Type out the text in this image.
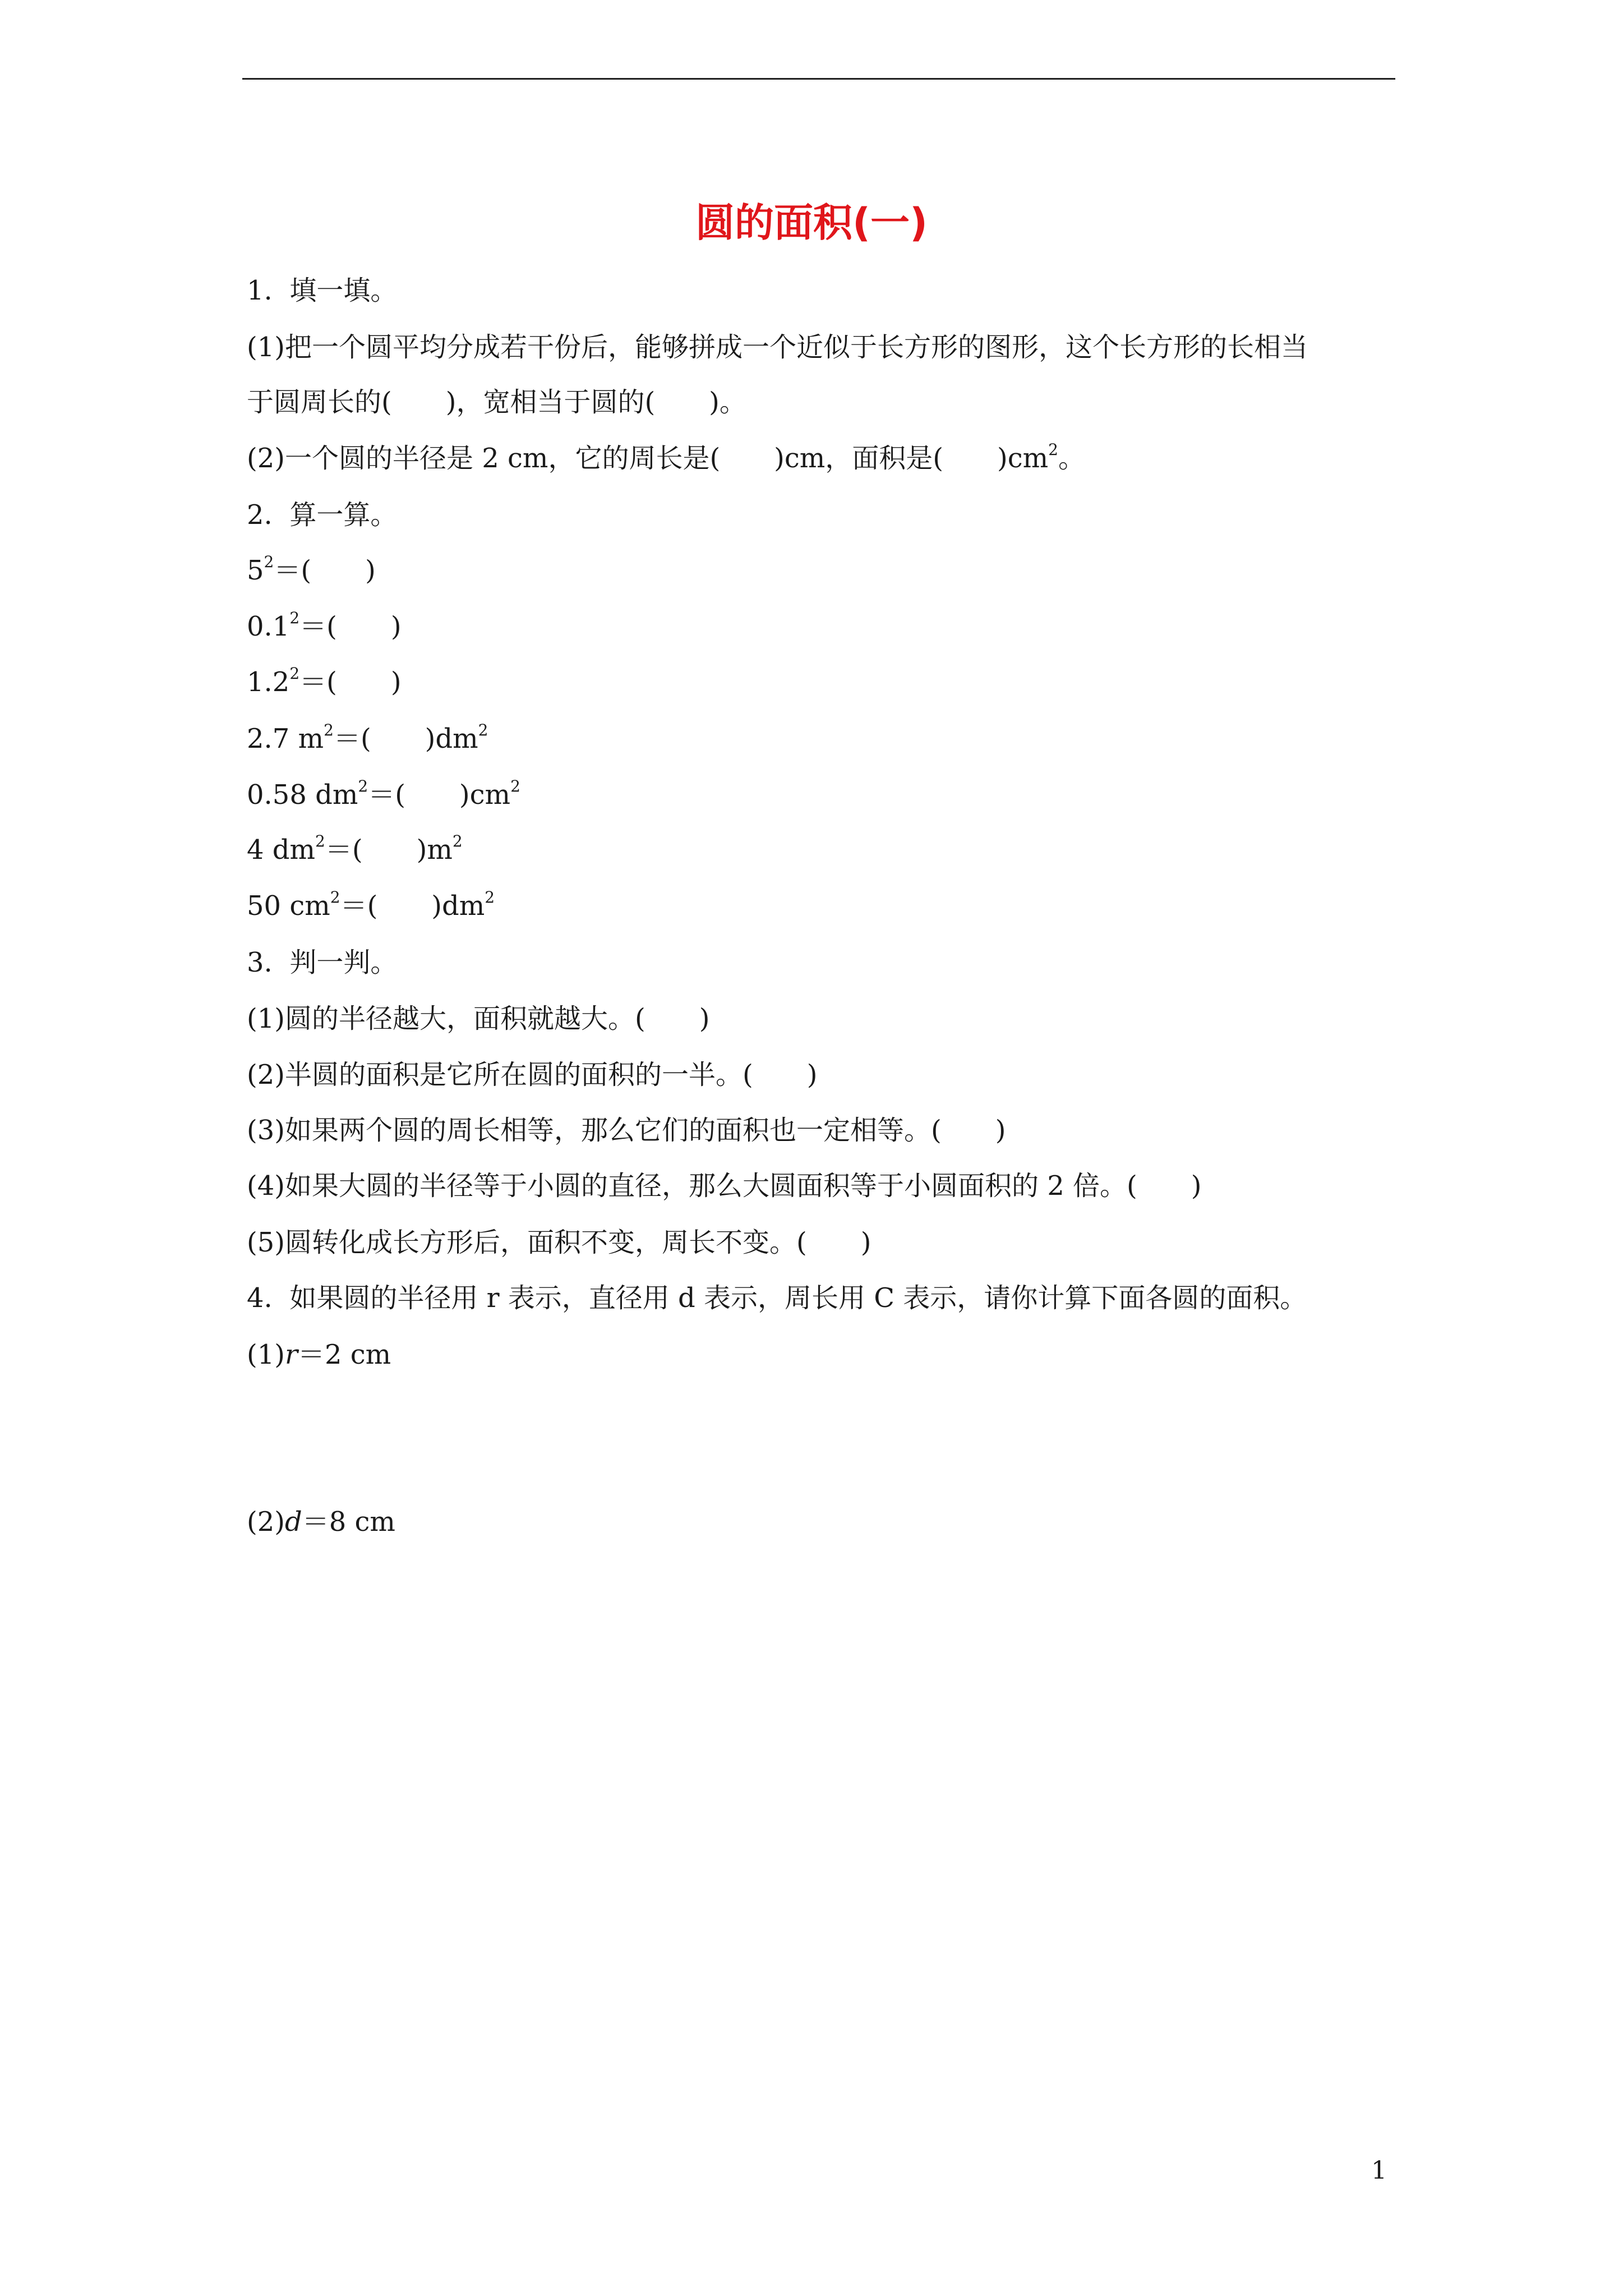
圆的面积(一)
1.  填一填。
(1)把一个圆平均分成若干份后，能够拼成一个近似于长方形的图形，这个长方形的长相当
于圆周长的(　　)，宽相当于圆的(　　)。
(2)一个圆的半径是 2 cm，它的周长是(　　)cm，面积是(　　)$cm^2$。
2.  算一算。
$5^2=$(　　)
$0.1^2=$(　　)
$1.2^2=$(　　)
2.7 $m^2=$(　　)$dm^2$
0.58 $dm^2=$(　　)$cm^2$
4 $dm^2=$(　　)$m^2$
50 $cm^2=$(　　)$dm^2$
3.  判一判。
(1)圆的半径越大，面积就越大。(　　)
(2)半圆的面积是它所在圆的面积的一半。(　　)
(3)如果两个圆的周长相等，那么它们的面积也一定相等。(　　)
(4)如果大圆的半径等于小圆的直径，那么大圆面积等于小圆面积的 2 倍。(　　)
(5)圆转化成长方形后，面积不变，周长不变。(　　)
4.  如果圆的半径用 r 表示，直径用 d 表示，周长用 C 表示，请你计算下面各圆的面积。
(1)r＝2 cm
(2)d＝8 cm
1
